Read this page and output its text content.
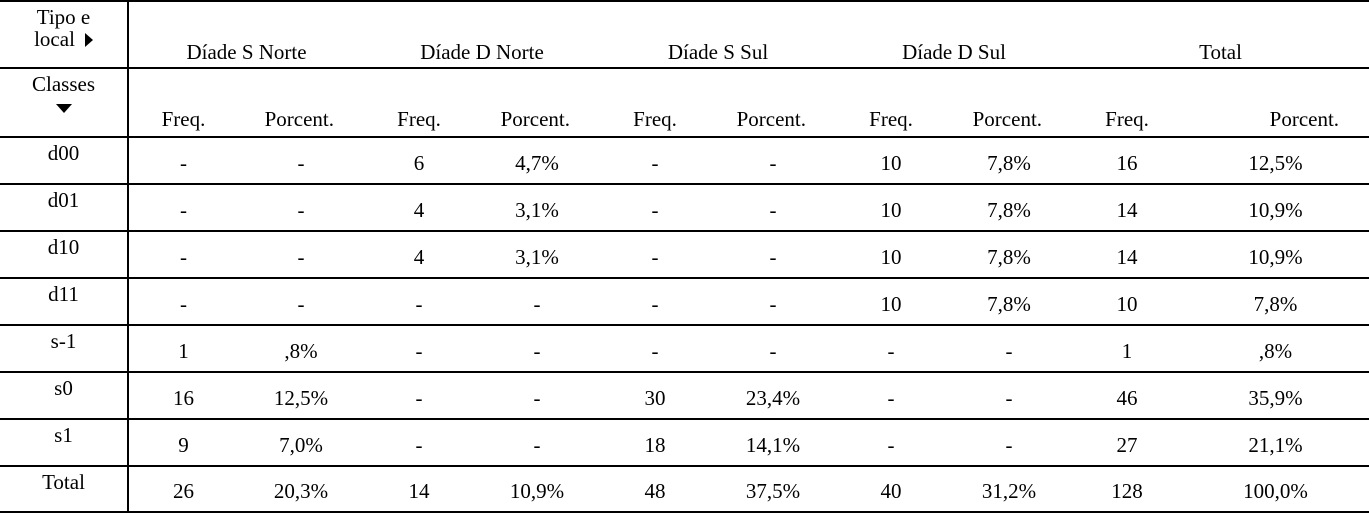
Tipo e
local	Díade S Norte		Díade D Norte		Díade S Sul		Díade D Sul		Total	

Classes	Freq.	Porcent.	Freq.	Porcent.	Freq.	Porcent.	Freq.	Porcent.	Freq.	Porcent.
d00	-	-	6	4,7%	-	-	10	7,8%	16	12,5%
d01	-	-	4	3,1%	-	-	10	7,8%	14	10,9%
d10	-	-	4	3,1%	-	-	10	7,8%	14	10,9%
d11	-	-	-	-	-	-	10	7,8%	10	7,8%
s-1	1	,8%	-	-	-	-	-	-	1	,8%
s0	16	12,5%	-	-	30	23,4%	-	-	46	35,9%
s1	9	7,0%	-	-	18	14,1%	-	-	27	21,1%
Total	26	20,3%	14	10,9%	48	37,5%	40	31,2%	128	100,0%
